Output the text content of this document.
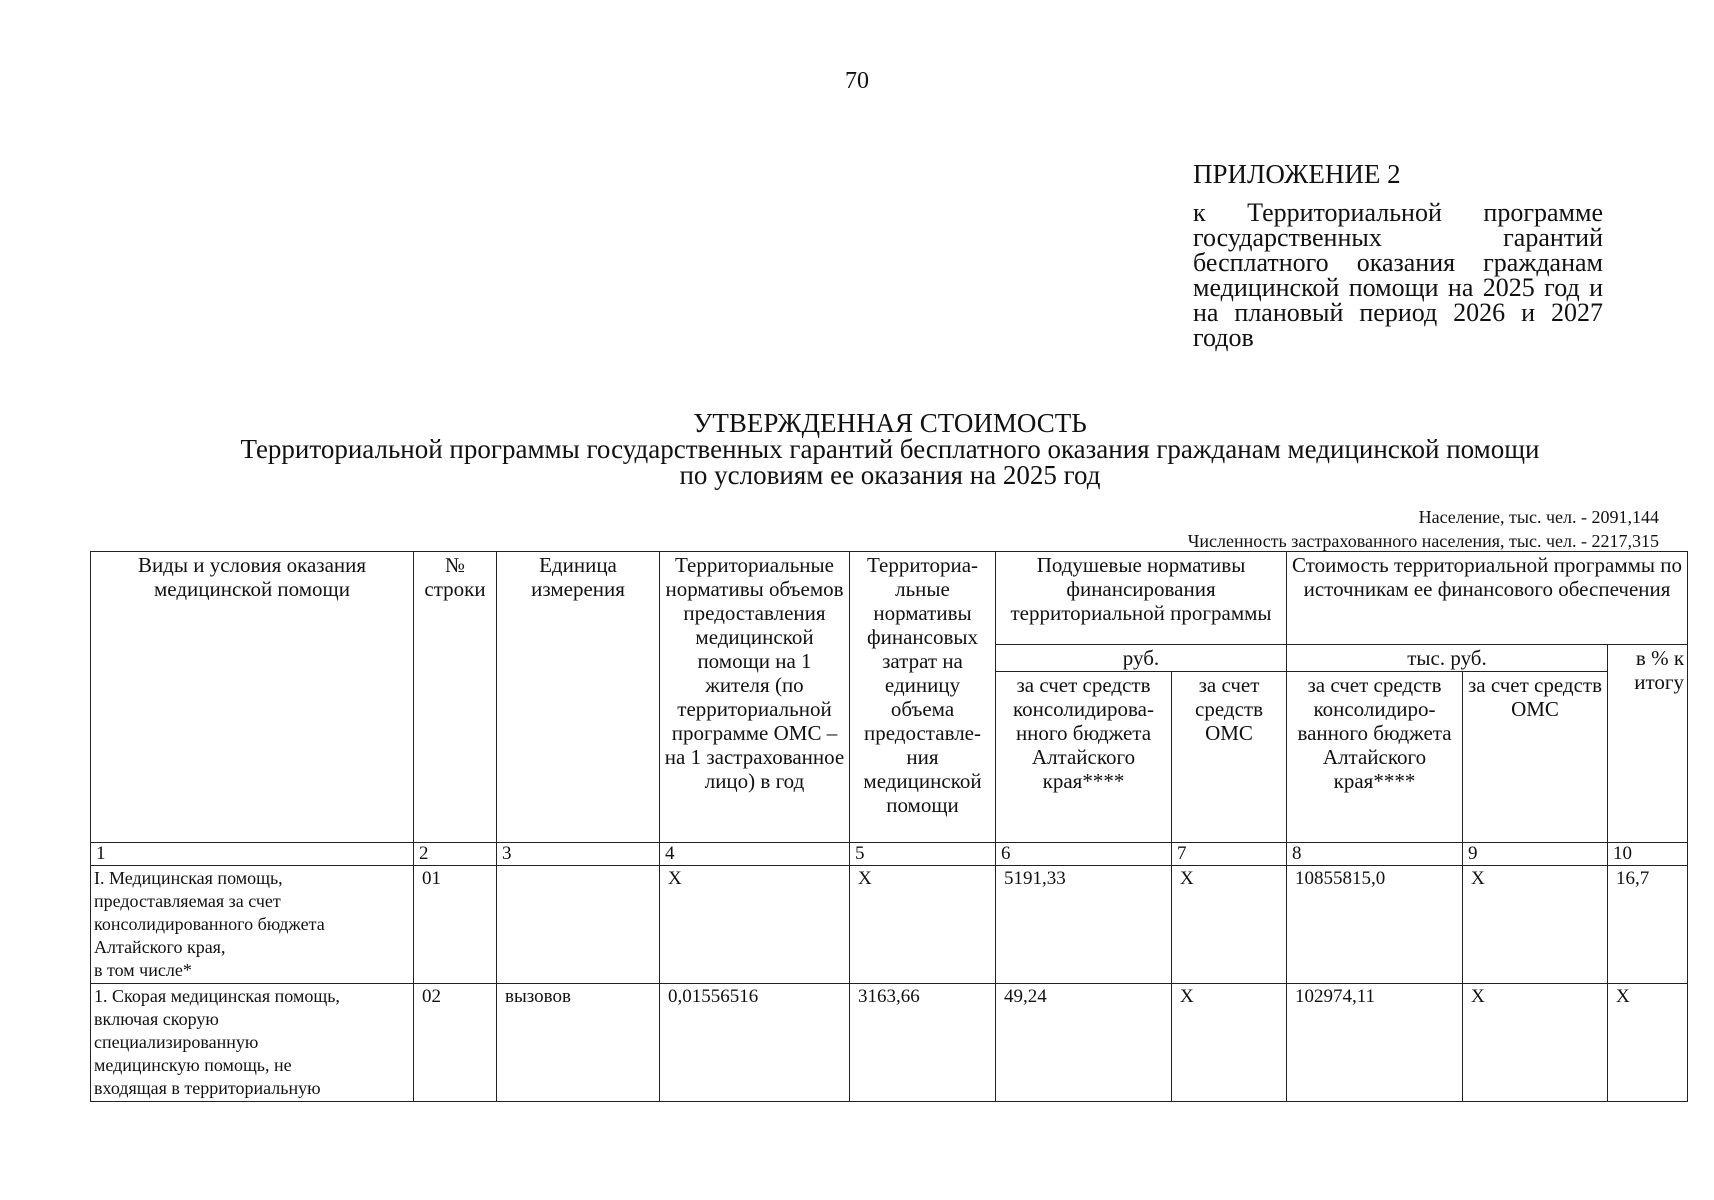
70
ПРИЛОЖЕНИЕ 2
к Территориальной программе государственных гарантий бесплатного оказания гражданам медицинской помощи на 2025 год и на плановый период 2026 и 2027 годов
УТВЕРЖДЕННАЯ СТОИМОСТЬ
Территориальной программы государственных гарантий бесплатного оказания гражданам медицинской помощи
по условиям ее оказания на 2025 год
Население, тыс. чел. - 2091,144
Численность застрахованного населения, тыс. чел. - 2217,315
Виды и условия оказания медицинской помощи	№ строки	Единица измерения	Территориальные нормативы объемов предоставления медицинской помощи на 1 жителя (по территориальной программе ОМС – на 1 застрахованное лицо) в год	Территориа-льные нормативы финансовых затрат на единицу объема предоставле-ния медицинской помощи	Подушевые нормативы финансирования территориальной программы		Стоимость территориальной программы по источникам ее финансового обеспечения		
					руб.		тыс. руб.		в % к итогу
					за счет средств консолидирова-нного бюджета Алтайского края****	за счет средств ОМС	за счет средств консолидиро-ванного бюджета Алтайского края****	за счет средств ОМС	
1	2	3	4	5	6	7	8	9	10

I. Медицинская помощь,
предоставляемая за счет
консолидированного бюджета
Алтайского края,
в том числе*	01		X	X	5191,33	X	10855815,0	X	16,7

1. Скорая медицинская помощь,
включая скорую
специализированную
медицинскую помощь, не
входящая в территориальную	02	вызовов	0,01556516	3163,66	49,24	X	102974,11	X	X
